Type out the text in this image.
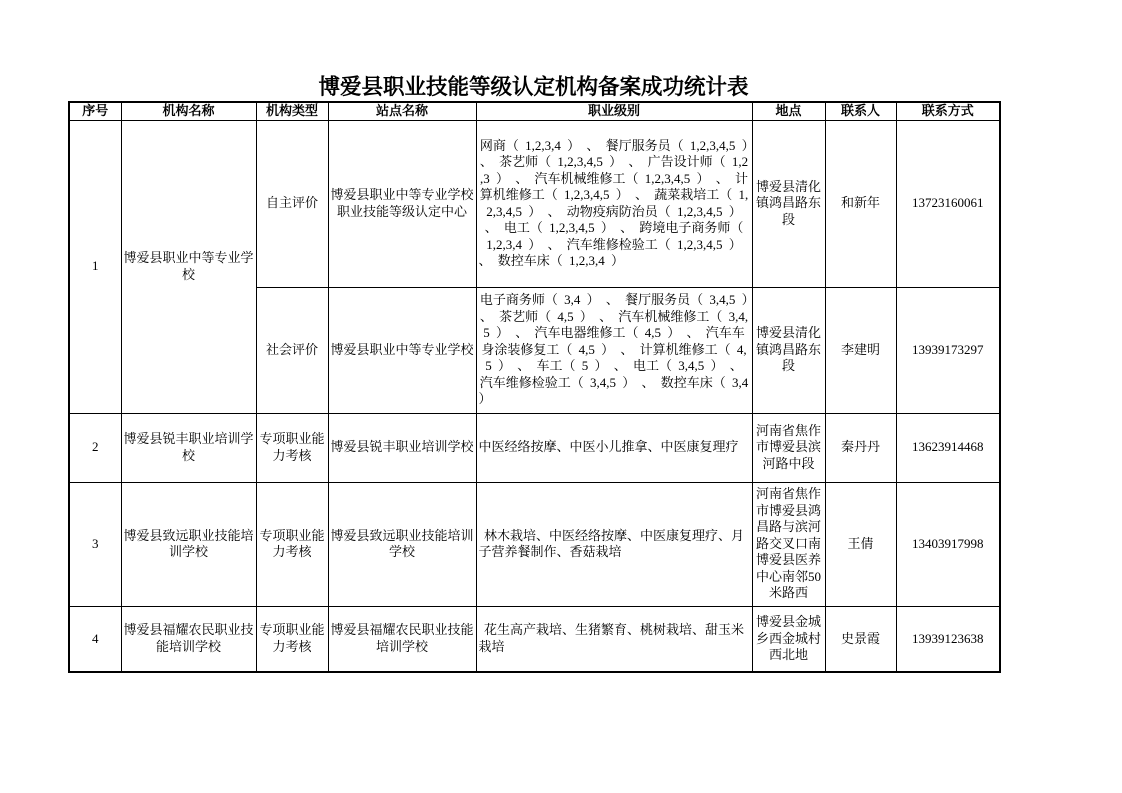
博爱县职业技能等级认定机构备案成功统计表
序号	机构名称	机构类型	站点名称	职业级别	地点	联系人	联系方式
1	博爱县职业中等专业学校	自主评价	博爱县职业中等专业学校职业技能等级认定中心	网商（ 1,2,3,4 ） 、 餐厅服务员（ 1,2,3,4,5 ） 、 茶艺师（ 1,2,3,4,5 ） 、 广告设计师（ 1,2,3 ） 、 汽车机械维修工（ 1,2,3,4,5 ） 、 计算机维修工（ 1,2,3,4,5 ） 、 蔬菜栽培工（ 1,2,3,4,5 ） 、 动物疫病防治员（ 1,2,3,4,5 ） 、 电工（ 1,2,3,4,5 ） 、 跨境电子商务师（ 1,2,3,4 ） 、 汽车维修检验工（ 1,2,3,4,5 ） 、 数控车床（ 1,2,3,4 ）	博爱县清化镇鸿昌路东段	和新年	13723160061
		社会评价	博爱县职业中等专业学校	电子商务师（ 3,4 ） 、 餐厅服务员（ 3,4,5 ） 、 茶艺师（ 4,5 ） 、 汽车机械维修工（ 3,4,5 ） 、 汽车电器维修工（ 4,5 ） 、 汽车车身涂装修复工（ 4,5 ） 、 计算机维修工（ 4,5 ） 、 车工（ 5 ） 、 电工（ 3,4,5 ） 、 汽车维修检验工（ 3,4,5 ） 、 数控车床（ 3,4 ）	博爱县清化镇鸿昌路东段	李建明	13939173297
2	博爱县锐丰职业培训学校	专项职业能力考核	博爱县锐丰职业培训学校	中医经络按摩、中医小儿推拿、中医康复理疗	河南省焦作市博爱县滨河路中段	秦丹丹	13623914468
3	博爱县致远职业技能培训学校	专项职业能力考核	博爱县致远职业技能培训学校	林木栽培、中医经络按摩、中医康复理疗、月子营养餐制作、香菇栽培	河南省焦作市博爱县鸿昌路与滨河路交叉口南博爱县医养中心南邻50米路西	王倩	13403917998
4	博爱县福耀农民职业技能培训学校	专项职业能力考核	博爱县福耀农民职业技能培训学校	花生高产栽培、生猪繁育、桃树栽培、甜玉米栽培	博爱县金城乡西金城村西北地	史景霞	13939123638
